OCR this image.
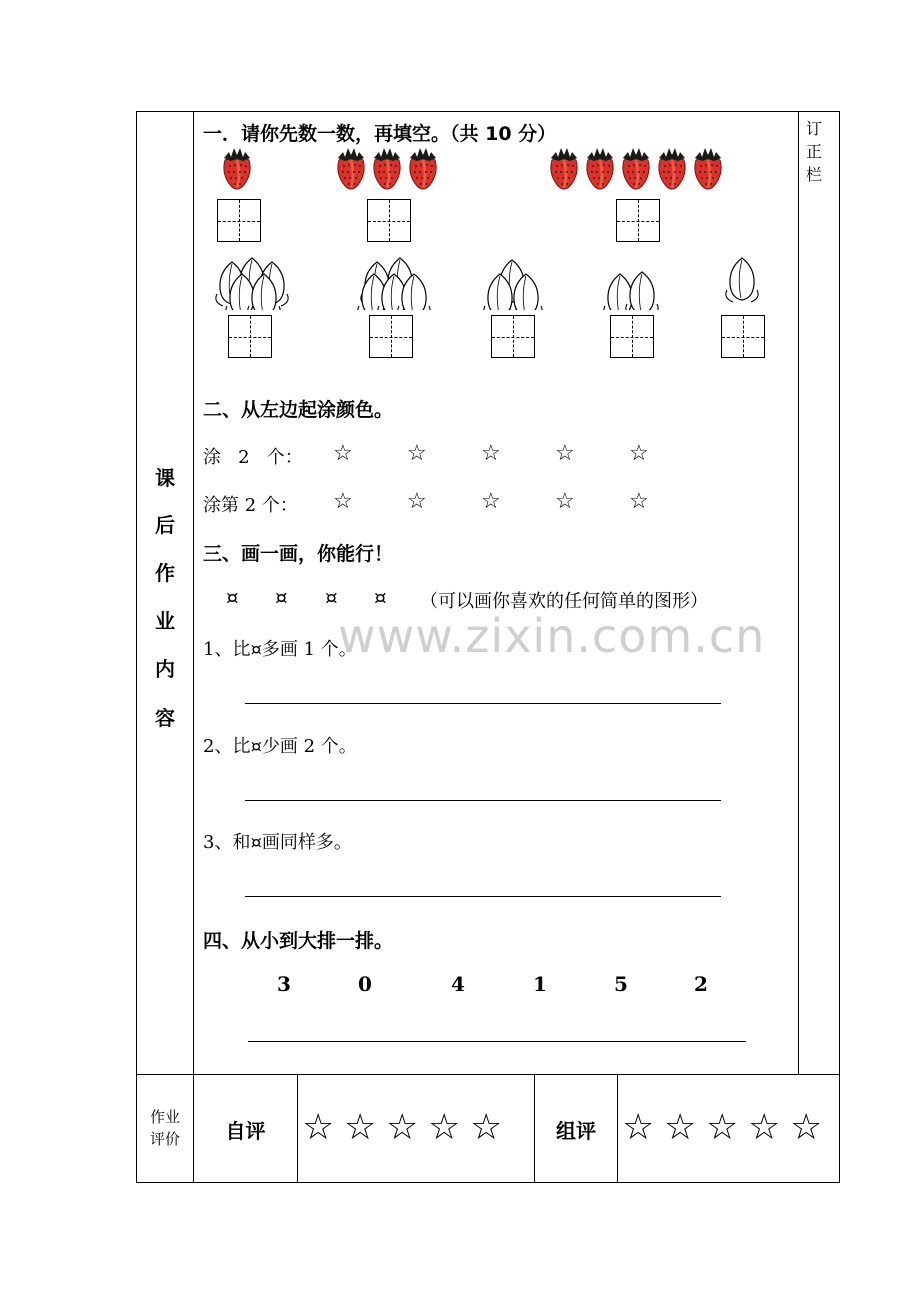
课
后
作
业
内
容
订
正
栏
一．请你先数一数，再填空。（共 10 分）
二、从左边起涂颜色。
涂   2   个： ☆ ☆ ☆ ☆ ☆
涂第 2 个： ☆ ☆ ☆ ☆ ☆
三、画一画，你能行！
¤ ¤ ¤ ¤ （可以画你喜欢的任何简单的图形）
www.zixin.com.cn
1、比¤多画 1 个。
2、比¤少画 2 个。
3、和¤画同样多。
四、从小到大排一排。
3	0	4	1	5	2
作业
评价	自评	☆ ☆ ☆ ☆ ☆	组评 ☆ ☆ ☆ ☆ ☆
